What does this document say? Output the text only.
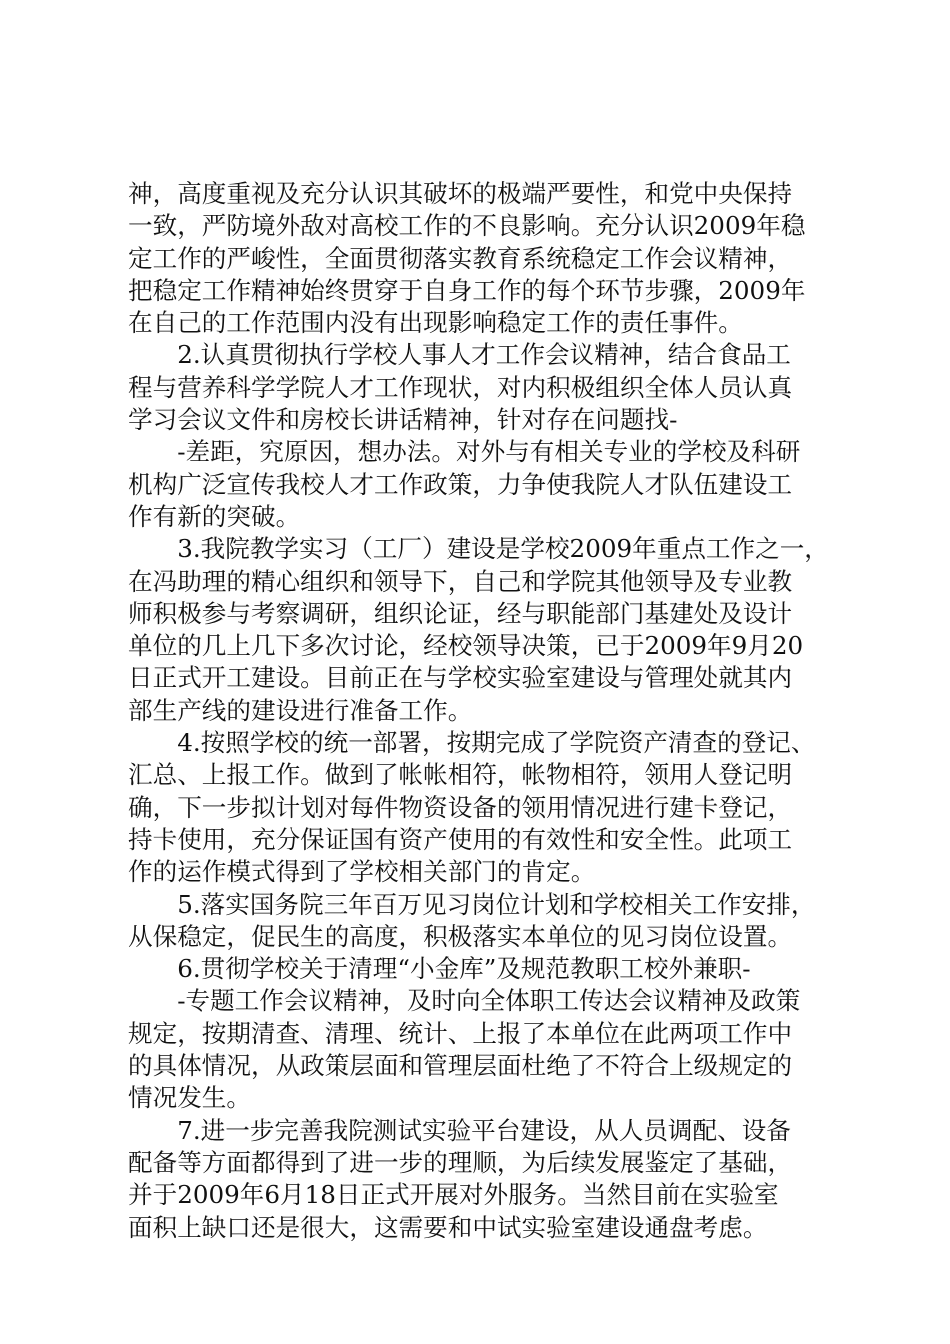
神，高度重视及充分认识其破坏的极端严要性，和党中央保持
一致，严防境外敌对高校工作的不良影响。充分认识2009年稳
定工作的严峻性，全面贯彻落实教育系统稳定工作会议精神，
把稳定工作精神始终贯穿于自身工作的每个环节步骤，2009年
在自己的工作范围内没有出现影响稳定工作的责任事件。
2.认真贯彻执行学校人事人才工作会议精神，结合食品工
程与营养科学学院人才工作现状，对内积极组织全体人员认真
学习会议文件和房校长讲话精神，针对存在问题找-
-差距，究原因，想办法。对外与有相关专业的学校及科研
机构广泛宣传我校人才工作政策，力争使我院人才队伍建设工
作有新的突破。
3.我院教学实习（工厂）建设是学校2009年重点工作之一，
在冯助理的精心组织和领导下，自己和学院其他领导及专业教
师积极参与考察调研，组织论证，经与职能部门基建处及设计
单位的几上几下多次讨论，经校领导决策，已于2009年9月20
日正式开工建设。目前正在与学校实验室建设与管理处就其内
部生产线的建设进行准备工作。
4.按照学校的统一部署，按期完成了学院资产清查的登记、
汇总、上报工作。做到了帐帐相符，帐物相符，领用人登记明
确，下一步拟计划对每件物资设备的领用情况进行建卡登记，
持卡使用，充分保证国有资产使用的有效性和安全性。此项工
作的运作模式得到了学校相关部门的肯定。
5.落实国务院三年百万见习岗位计划和学校相关工作安排，
从保稳定，促民生的高度，积极落实本单位的见习岗位设置。
6.贯彻学校关于清理“小金库”及规范教职工校外兼职-
-专题工作会议精神，及时向全体职工传达会议精神及政策
规定，按期清查、清理、统计、上报了本单位在此两项工作中
的具体情况，从政策层面和管理层面杜绝了不符合上级规定的
情况发生。
7.进一步完善我院测试实验平台建设，从人员调配、设备
配备等方面都得到了进一步的理顺，为后续发展鉴定了基础，
并于2009年6月18日正式开展对外服务。当然目前在实验室
面积上缺口还是很大，这需要和中试实验室建设通盘考虑。
